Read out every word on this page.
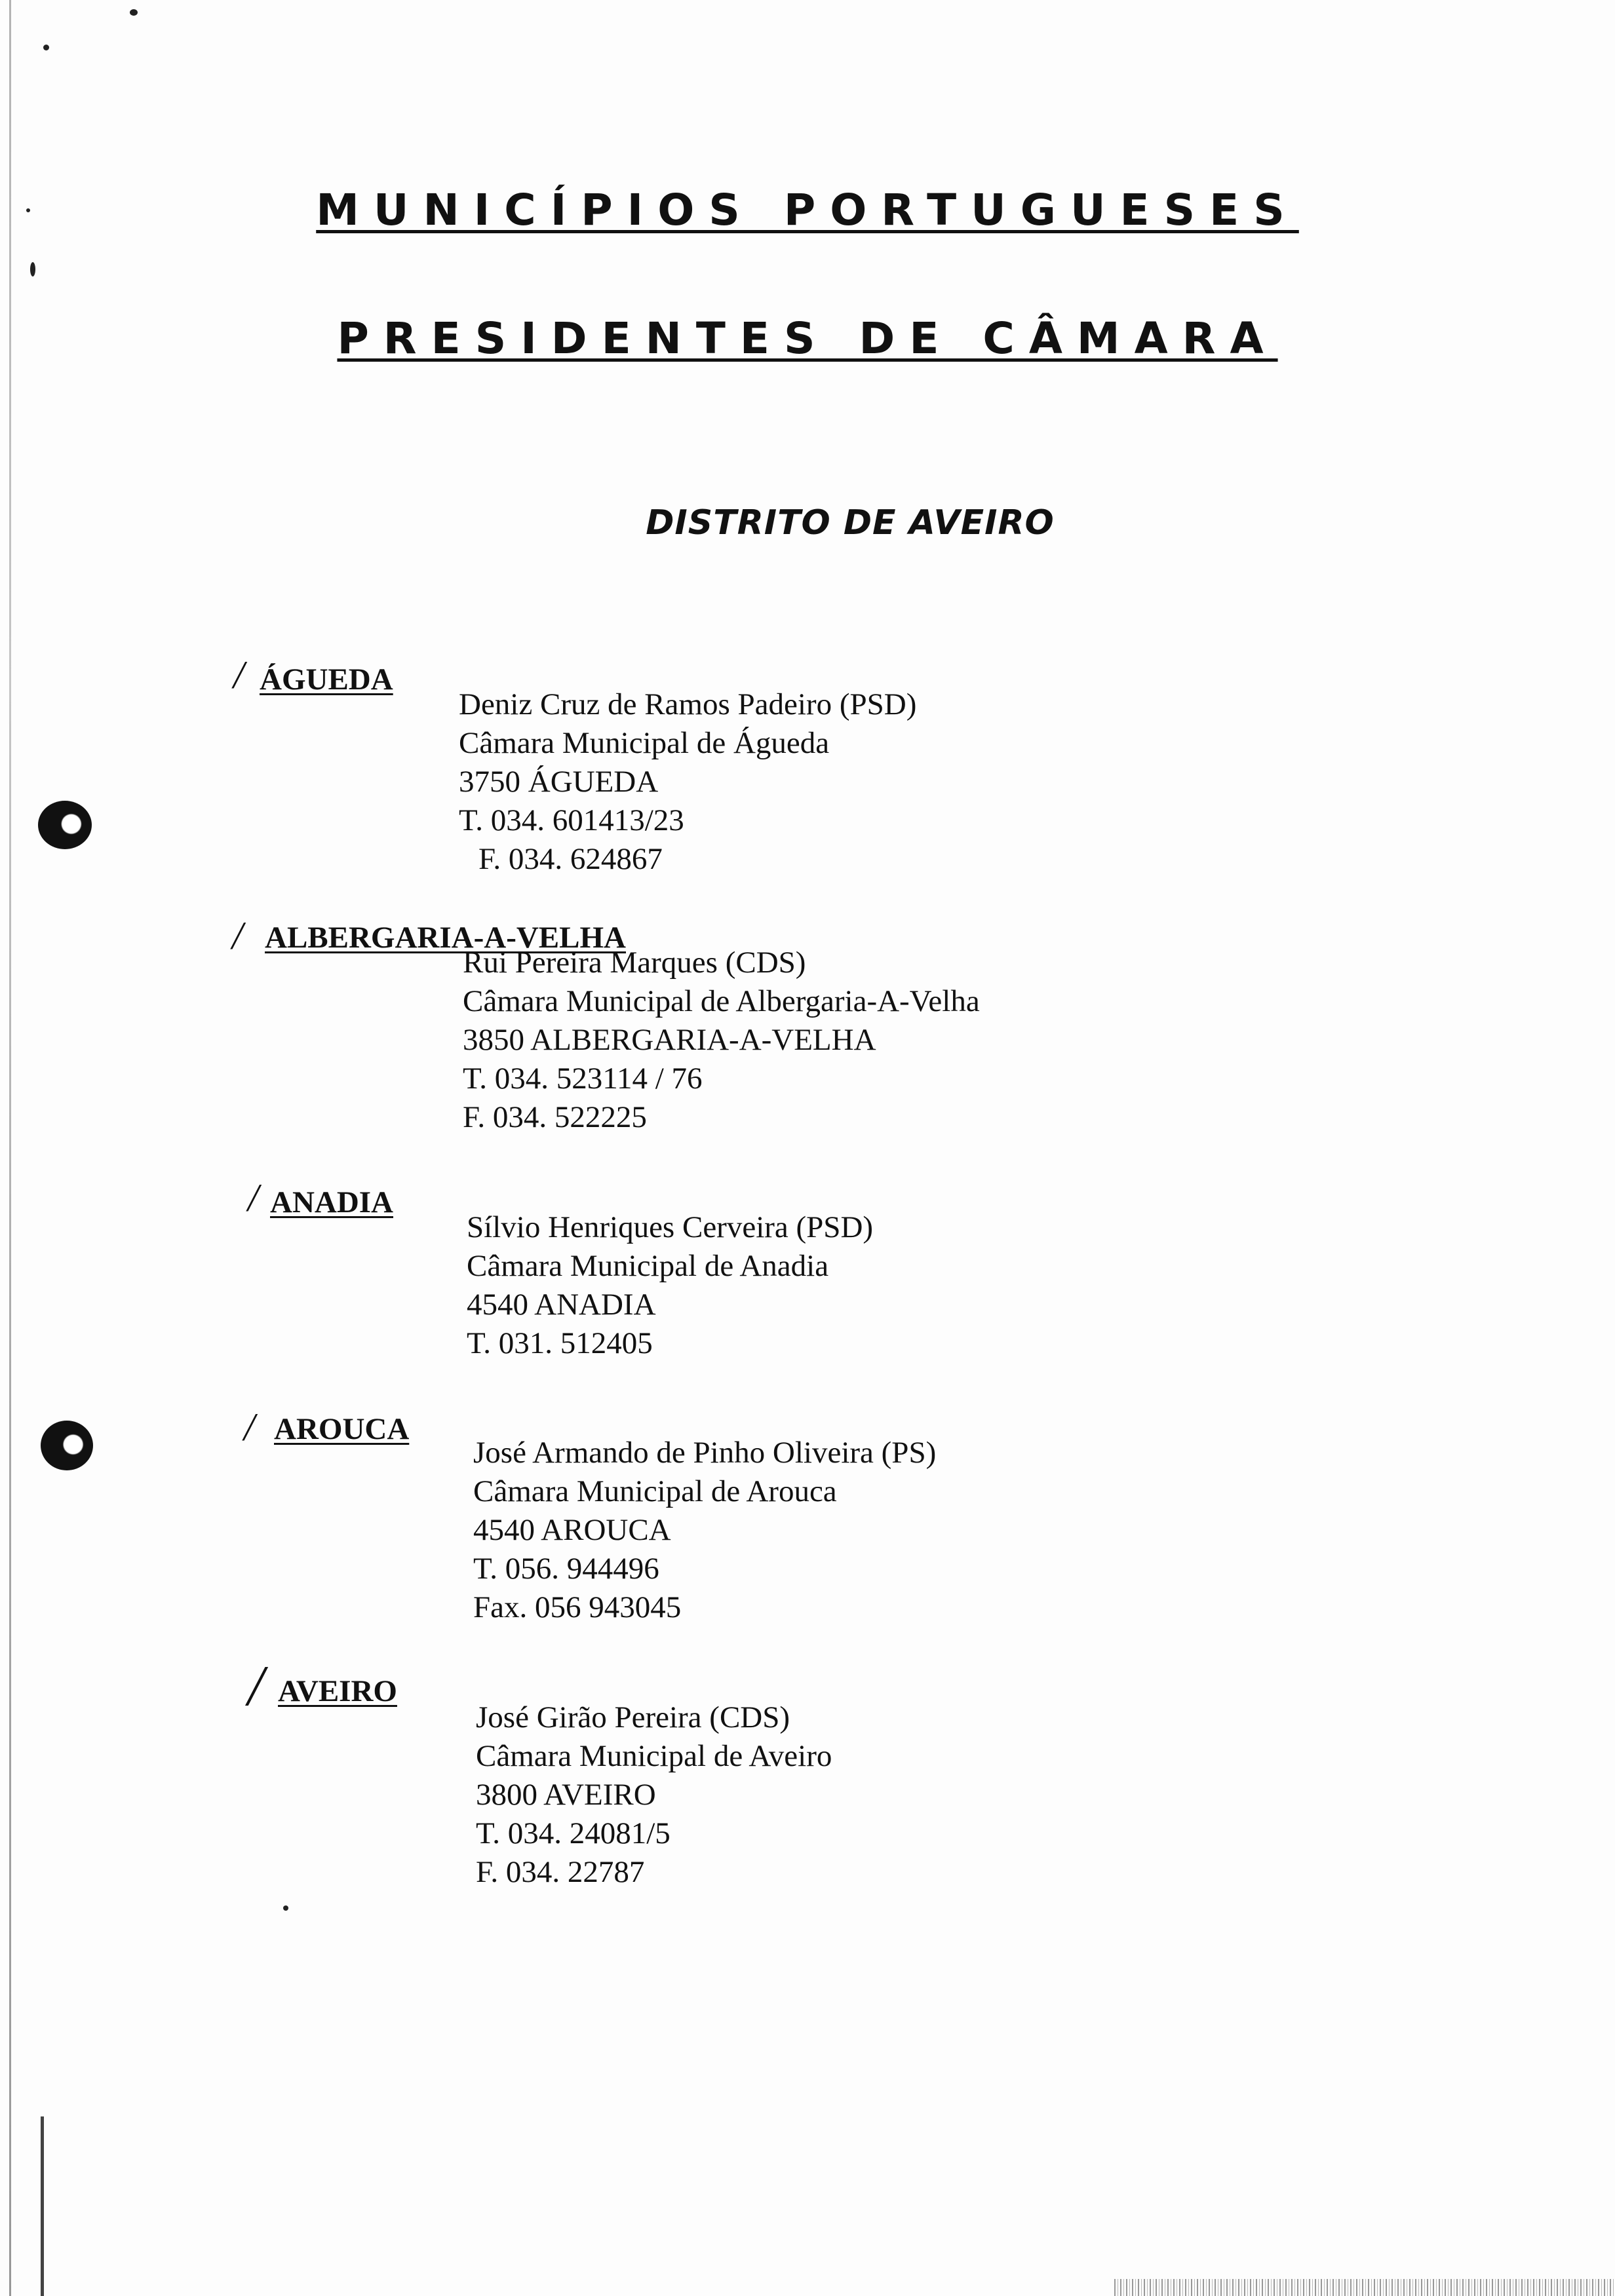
MUNICÍPIOS PORTUGUESES
PRESIDENTES DE CÂMARA
DISTRITO DE AVEIRO
/ ÁGUEDA
Deniz Cruz de Ramos Padeiro (PSD)
Câmara Municipal de Águeda
3750 ÁGUEDA
T. 034. 601413/23
F. 034. 624867
/ ALBERGARIA-A-VELHA
Rui Pereira Marques (CDS)
Câmara Municipal de Albergaria-A-Velha
3850 ALBERGARIA-A-VELHA
T. 034. 523114 / 76
F. 034. 522225
/ ANADIA
Sílvio Henriques Cerveira (PSD)
Câmara Municipal de Anadia
4540 ANADIA
T. 031. 512405
/ AROUCA
José Armando de Pinho Oliveira (PS)
Câmara Municipal de Arouca
4540 AROUCA
T. 056. 944496
Fax. 056 943045
/ AVEIRO
José Girão Pereira (CDS)
Câmara Municipal de Aveiro
3800 AVEIRO
T. 034. 24081/5
F. 034. 22787
